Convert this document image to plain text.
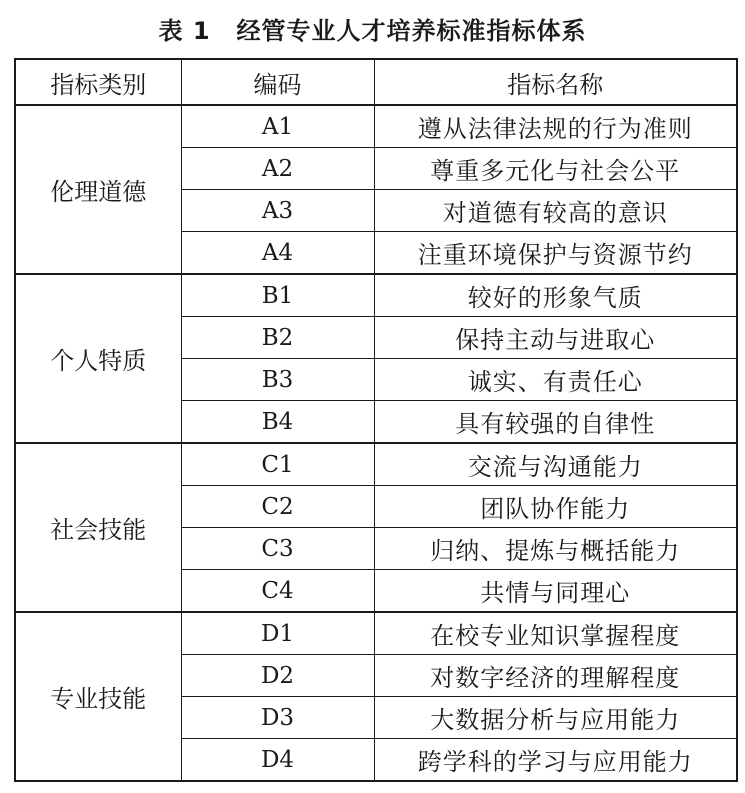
表 1 经管专业人才培养标准指标体系
指标类别	编码	指标名称
伦理道德	A1	遵从法律法规的行为准则
	A2	尊重多元化与社会公平
	A3	对道德有较高的意识
	A4	注重环境保护与资源节约
个人特质	B1	较好的形象气质
	B2	保持主动与进取心
	B3	诚实、有责任心
	B4	具有较强的自律性
社会技能	C1	交流与沟通能力
	C2	团队协作能力
	C3	归纳、提炼与概括能力
	C4	共情与同理心
专业技能	D1	在校专业知识掌握程度
	D2	对数字经济的理解程度
	D3	大数据分析与应用能力
	D4	跨学科的学习与应用能力
